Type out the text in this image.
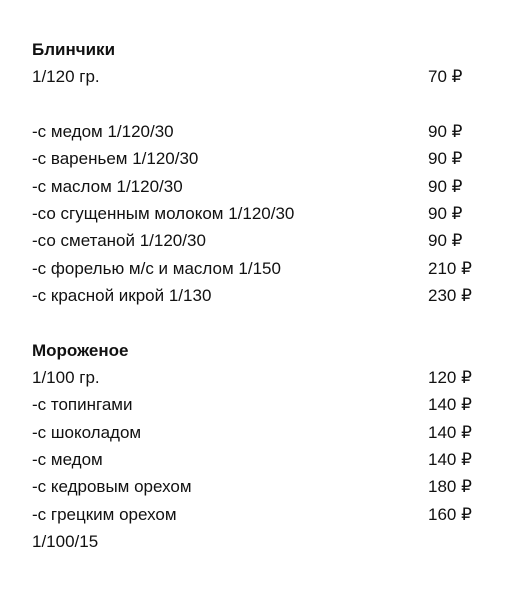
Блинчики
1/120 гр.	70 ₽
-с медом 1/120/30	90 ₽
-с вареньем 1/120/30	90 ₽
-с маслом 1/120/30	90 ₽
-со сгущенным молоком 1/120/30	90 ₽
-со сметаной 1/120/30	90 ₽
-с форелью м/с и маслом 1/150	210 ₽
-с красной икрой 1/130	230 ₽
Мороженое
1/100 гр.	120 ₽
-с топингами	140 ₽
-с шоколадом	140 ₽
-с медом	140 ₽
-с кедровым орехом	180 ₽
-с грецким орехом	160 ₽
1/100/15
